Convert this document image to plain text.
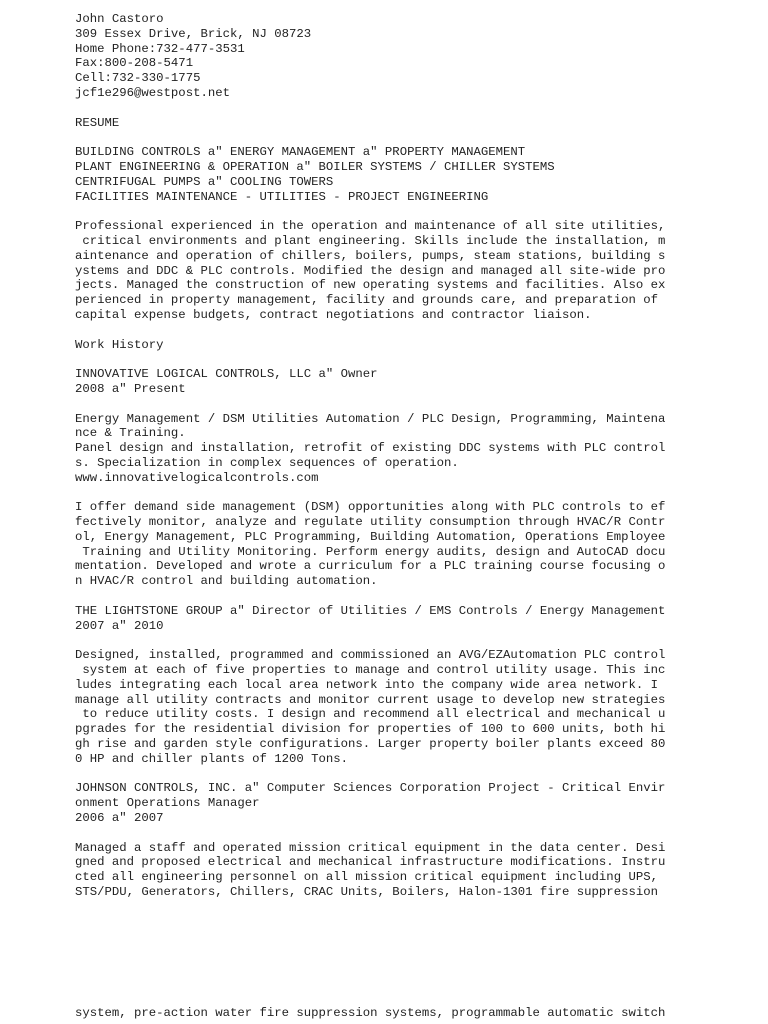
John Castoro
309 Essex Drive, Brick, NJ 08723
Home Phone:732-477-3531
Fax:800-208-5471
Cell:732-330-1775
jcf1e296@westpost.net
RESUME
BUILDING CONTROLS a" ENERGY MANAGEMENT a" PROPERTY MANAGEMENT
PLANT ENGINEERING & OPERATION a" BOILER SYSTEMS / CHILLER SYSTEMS
CENTRIFUGAL PUMPS a" COOLING TOWERS
FACILITIES MAINTENANCE - UTILITIES - PROJECT ENGINEERING
Professional experienced in the operation and maintenance of all site utilities,
critical environments and plant engineering. Skills include the installation, m
aintenance and operation of chillers, boilers, pumps, steam stations, building s
ystems and DDC & PLC controls. Modified the design and managed all site-wide pro
jects. Managed the construction of new operating systems and facilities. Also ex
perienced in property management, facility and grounds care, and preparation of
capital expense budgets, contract negotiations and contractor liaison.
Work History
INNOVATIVE LOGICAL CONTROLS, LLC a" Owner
2008 a" Present
Energy Management / DSM Utilities Automation / PLC Design, Programming, Maintena
nce & Training.
Panel design and installation, retrofit of existing DDC systems with PLC control
s. Specialization in complex sequences of operation.
www.innovativelogicalcontrols.com
I offer demand side management (DSM) opportunities along with PLC controls to ef
fectively monitor, analyze and regulate utility consumption through HVAC/R Contr
ol, Energy Management, PLC Programming, Building Automation, Operations Employee
Training and Utility Monitoring. Perform energy audits, design and AutoCAD docu
mentation. Developed and wrote a curriculum for a PLC training course focusing o
n HVAC/R control and building automation.
THE LIGHTSTONE GROUP a" Director of Utilities / EMS Controls / Energy Management
2007 a" 2010
Designed, installed, programmed and commissioned an AVG/EZAutomation PLC control
system at each of five properties to manage and control utility usage. This inc
ludes integrating each local area network into the company wide area network. I
manage all utility contracts and monitor current usage to develop new strategies
to reduce utility costs. I design and recommend all electrical and mechanical u
pgrades for the residential division for properties of 100 to 600 units, both hi
gh rise and garden style configurations. Larger property boiler plants exceed 80
0 HP and chiller plants of 1200 Tons.
JOHNSON CONTROLS, INC. a" Computer Sciences Corporation Project - Critical Envir
onment Operations Manager
2006 a" 2007
Managed a staff and operated mission critical equipment in the data center. Desi
gned and proposed electrical and mechanical infrastructure modifications. Instru
cted all engineering personnel on all mission critical equipment including UPS,
STS/PDU, Generators, Chillers, CRAC Units, Boilers, Halon-1301 fire suppression
system, pre-action water fire suppression systems, programmable automatic switch
